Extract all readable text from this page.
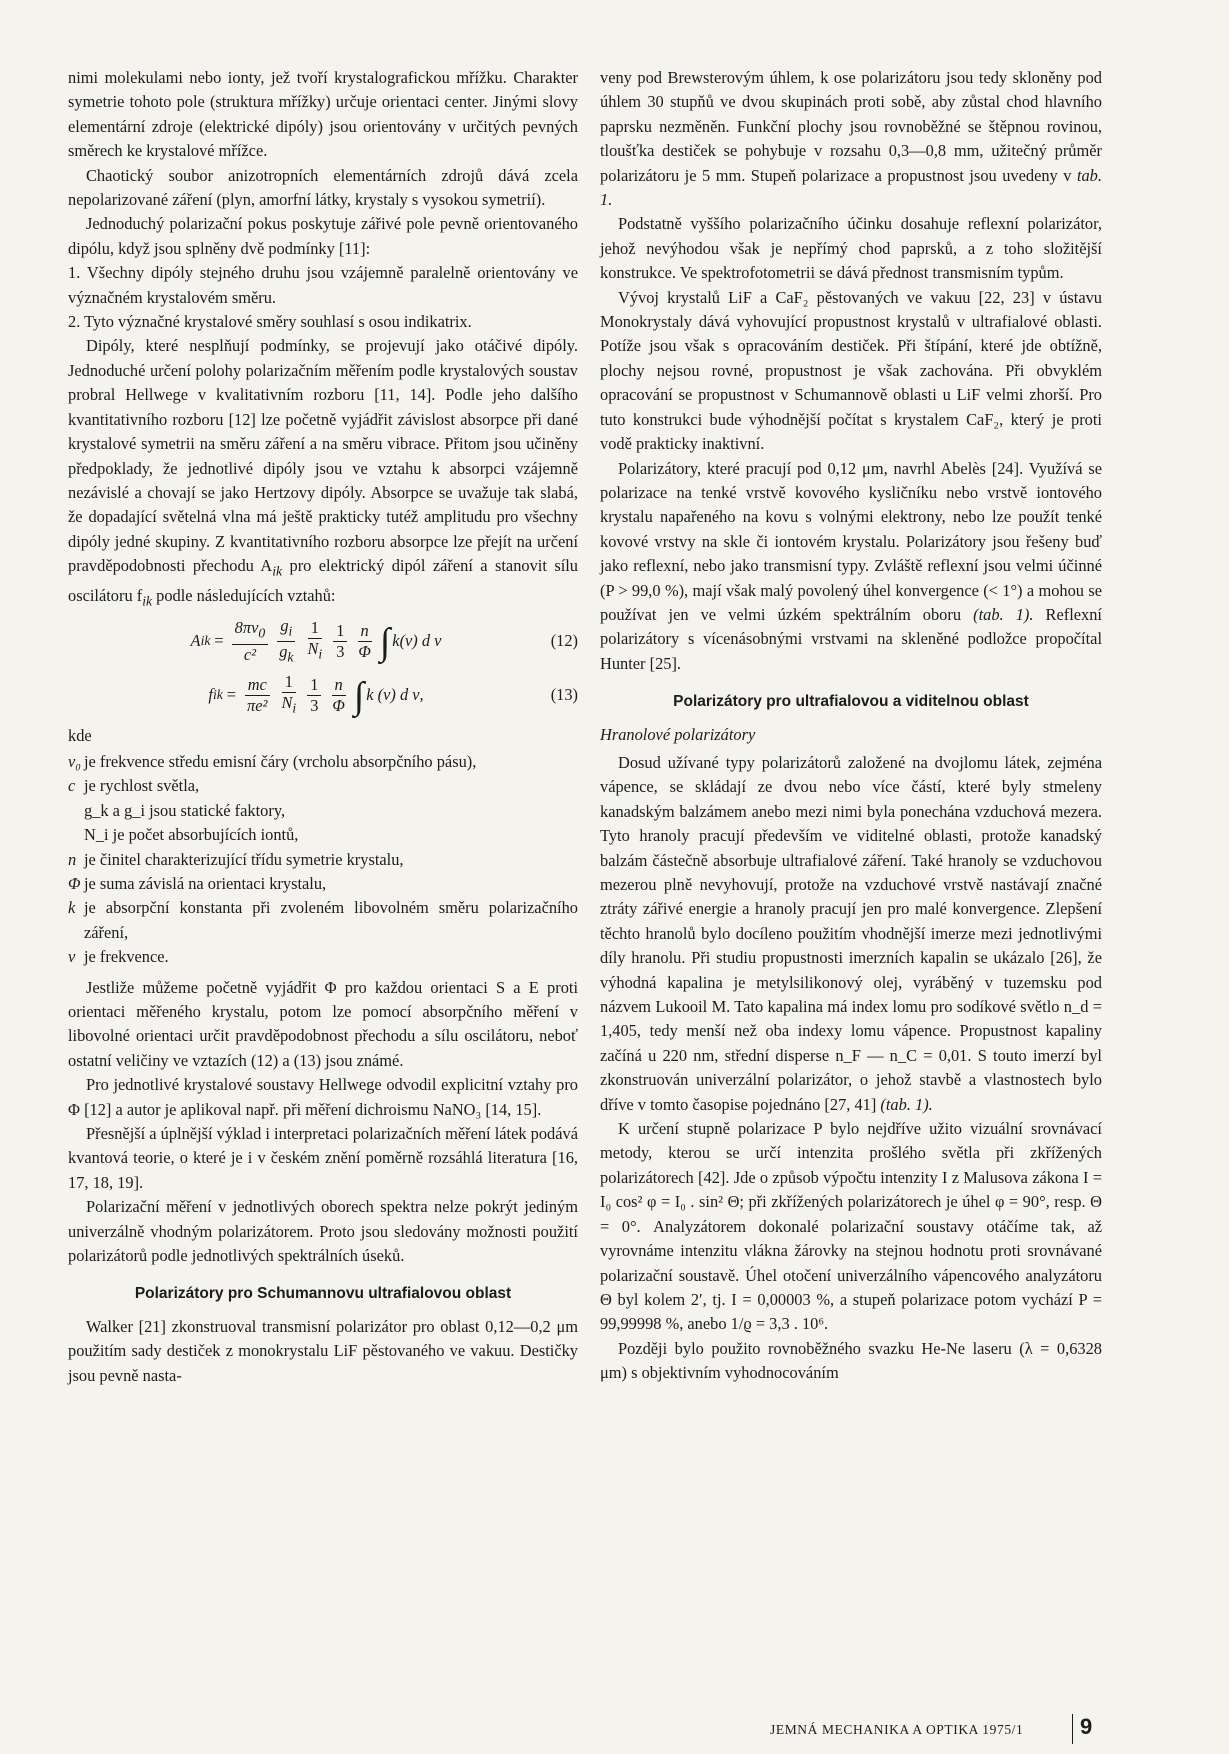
nimi molekulami nebo ionty, jež tvoří krystalografickou mřížku. Charakter symetrie tohoto pole (struktura mřížky) určuje orientaci center. Jinými slovy elementární zdroje (elektrické dipóly) jsou orientovány v určitých pevných směrech ke krystalové mřížce.

Chaotický soubor anizotropních elementárních zdrojů dává zcela nepolarizované záření (plyn, amorfní látky, krystaly s vysokou symetrií).

Jednoduchý polarizační pokus poskytuje zářivé pole pevně orientovaného dipólu, když jsou splněny dvě podmínky [11]:

1. Všechny dipóly stejného druhu jsou vzájemně paralelně orientovány ve význačném krystalovém směru.

2. Tyto význačné krystalové směry souhlasí s osou indikatrix.

Dipóly, které nesplňují podmínky, se projevují jako otáčivé dipóly. Jednoduché určení polohy polarizačním měřením podle krystalových soustav probral Hellwege v kvalitativním rozboru [11, 14]. Podle jeho dalšího kvantitativního rozboru [12] lze početně vyjádřit závislost absorpce při dané krystalové symetrii na směru záření a na směru vibrace. Přitom jsou učiněny předpoklady, že jednotlivé dipóly jsou ve vztahu k absorpci vzájemně nezávislé a chovají se jako Hertzovy dipóly. Absorpce se uvažuje tak slabá, že dopadající světelná vlna má ještě prakticky tutéž amplitudu pro všechny dipóly jedné skupiny. Z kvantitativního rozboru absorpce lze přejít na určení pravděpodobnosti přechodu $A_{ik}$ pro elektrický dipól záření a stanovit sílu oscilátoru $f_{ik}$ podle následujících vztahů:

A ik = $\frac{8\pi\nu_0}{\text{c²}} \frac{g_i}{g_k} \frac{1}{N_i} \frac{1}{3} \frac{n}{\Phi}$ ∫ k(ν) d ν	(12)
f ik = $\frac{mc}{\text{πe²}} \frac{1}{N_i} \frac{1}{3} \frac{n}{\Phi}$ ∫ k (ν) d ν,	(13)

kde

ν₀ je frekvence středu emisní čáry (vrcholu absorpčního pásu),
c je rychlost světla,
g_k a g_i jsou statické faktory,
N_i je počet absorbujících iontů,
n je činitel charakterizující třídu symetrie krystalu,
Φ je suma závislá na orientaci krystalu,
k je absorpční konstanta při zvoleném libovolném směru polarizačního záření,
ν je frekvence.

Jestliže můžeme početně vyjádřit Φ pro každou orientaci S a E proti orientaci měřeného krystalu, potom lze pomocí absorpčního měření v libovolné orientaci určit pravděpodobnost přechodu a sílu oscilátoru, neboť ostatní veličiny ve vztazích (12) a (13) jsou známé.

Pro jednotlivé krystalové soustavy Hellwege odvodil explicitní vztahy pro Φ [12] a autor je aplikoval např. při měření dichroismu NaNO₃ [14, 15].

Přesnější a úplnější výklad i interpretaci polarizačních měření látek podává kvantová teorie, o které je i v českém znění poměrně rozsáhlá literatura [16, 17, 18, 19].

Polarizační měření v jednotlivých oborech spektra nelze pokrýt jediným univerzálně vhodným polarizátorem. Proto jsou sledovány možnosti použití polarizátorů podle jednotlivých spektrálních úseků.

Polarizátory pro Schumannovu ultrafialovou oblast

Walker [21] zkonstruoval transmisní polarizátor pro oblast 0,12—0,2 μm použitím sady destiček z monokrystalu LiF pěstovaného ve vakuu. Destičky jsou pevně nasta-

veny pod Brewsterovým úhlem, k ose polarizátoru jsou tedy skloněny pod úhlem 30 stupňů ve dvou skupinách proti sobě, aby zůstal chod hlavního paprsku nezměněn. Funkční plochy jsou rovnoběžné se štěpnou rovinou, tloušťka destiček se pohybuje v rozsahu 0,3—0,8 mm, užitečný průměr polarizátoru je 5 mm. Stupeň polarizace a propustnost jsou uvedeny v tab. 1.

Podstatně vyššího polarizačního účinku dosahuje reflexní polarizátor, jehož nevýhodou však je nepřímý chod paprsků, a z toho složitější konstrukce. Ve spektrofotometrii se dává přednost transmisním typům.

Vývoj krystalů LiF a CaF₂ pěstovaných ve vakuu [22, 23] v ústavu Monokrystaly dává vyhovující propustnost krystalů v ultrafialové oblasti. Potíže jsou však s opracováním destiček. Při štípání, které jde obtížně, plochy nejsou rovné, propustnost je však zachována. Při obvyklém opracování se propustnost v Schumannově oblasti u LiF velmi zhorší. Pro tuto konstrukci bude výhodnější počítat s krystalem CaF₂, který je proti vodě prakticky inaktivní.

Polarizátory, které pracují pod 0,12 μm, navrhl Abelès [24]. Využívá se polarizace na tenké vrstvě kovového kysličníku nebo vrstvě iontového krystalu napařeného na kovu s volnými elektrony, nebo lze použít tenké kovové vrstvy na skle či iontovém krystalu. Polarizátory jsou řešeny buď jako reflexní, nebo jako transmisní typy. Zvláště reflexní jsou velmi účinné (P > 99,0 %), mají však malý povolený úhel konvergence (< 1°) a mohou se používat jen ve velmi úzkém spektrálním oboru (tab. 1). Reflexní polarizátory s vícenásobnými vrstvami na skleněné podložce propočítal Hunter [25].

Polarizátory pro ultrafialovou a viditelnou oblast

Hranolové polarizátory

Dosud užívané typy polarizátorů založené na dvojlomu látek, zejména vápence, se skládají ze dvou nebo více částí, které byly stmeleny kanadským balzámem anebo mezi nimi byla ponechána vzduchová mezera. Tyto hranoly pracují především ve viditelné oblasti, protože kanadský balzám částečně absorbuje ultrafialové záření. Také hranoly se vzduchovou mezerou plně nevyhovují, protože na vzduchové vrstvě nastávají značné ztráty zářivé energie a hranoly pracují jen pro malé konvergence. Zlepšení těchto hranolů bylo docíleno použitím vhodnější imerze mezi jednotlivými díly hranolu. Při studiu propustnosti imerzních kapalin se ukázalo [26], že výhodná kapalina je metylsilikonový olej, vyráběný v tuzemsku pod názvem Lukooil M. Tato kapalina má index lomu pro sodíkové světlo n_d = 1,405, tedy menší než oba indexy lomu vápence. Propustnost kapaliny začíná u 220 nm, střední disperse n_F — n_C = 0,01. S touto imerzí byl zkonstruován univerzální polarizátor, o jehož stavbě a vlastnostech bylo dříve v tomto časopise pojednáno [27, 41] (tab. 1).

K určení stupně polarizace P bylo nejdříve užito vizuální srovnávací metody, kterou se určí intenzita prošlého světla při zkřížených polarizátorech [42]. Jde o způsob výpočtu intenzity I z Malusova zákona I = I₀ cos² φ = I₀ . sin² Θ; při zkřížených polarizátorech je úhel φ = 90°, resp. Θ = 0°. Analyzátorem dokonalé polarizační soustavy otáčíme tak, až vyrovnáme intenzitu vlákna žárovky na stejnou hodnotu proti srovnávané polarizační soustavě. Úhel otočení univerzálního vápencového analyzátoru Θ byl kolem 2′, tj. I = 0,00003 %, a stupeň polarizace potom vychází P = 99,99998 %, anebo 1/ϱ = 3,3 . 10⁶.

Později bylo použito rovnoběžného svazku He-Ne laseru (λ = 0,6328 μm) s objektivním vyhodnocováním

JEMNÁ MECHANIKA A OPTIKA 1975/1	9
